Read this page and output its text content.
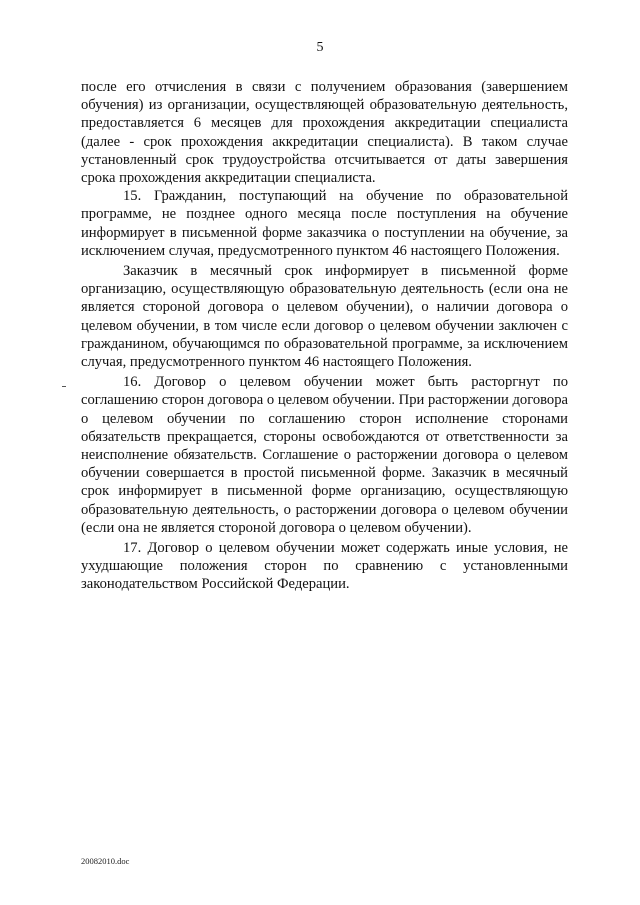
5

после его отчисления в связи с получением образования (завершением обучения) из организации, осуществляющей образовательную деятельность, предоставляется 6 месяцев для прохождения аккредитации специалиста (далее - срок прохождения аккредитации специалиста). В таком случае установленный срок трудоустройства отсчитывается от даты завершения срока прохождения аккредитации специалиста.

15. Гражданин, поступающий на обучение по образовательной программе, не позднее одного месяца после поступления на обучение информирует в письменной форме заказчика о поступлении на обучение, за исключением случая, предусмотренного пунктом 46 настоящего Положения.

Заказчик в месячный срок информирует в письменной форме организацию, осуществляющую образовательную деятельность (если она не является стороной договора о целевом обучении), о наличии договора о целевом обучении, в том числе если договор о целевом обучении заключен с гражданином, обучающимся по образовательной программе, за исключением случая, предусмотренного пунктом 46 настоящего Положения.

16. Договор о целевом обучении может быть расторгнут по соглашению сторон договора о целевом обучении. При расторжении договора о целевом обучении по соглашению сторон исполнение сторонами обязательств прекращается, стороны освобождаются от ответственности за неисполнение обязательств. Соглашение о расторжении договора о целевом обучении совершается в простой письменной форме. Заказчик в месячный срок информирует в письменной форме организацию, осуществляющую образовательную деятельность, о расторжении договора о целевом обучении (если она не является стороной договора о целевом обучении).

17. Договор о целевом обучении может содержать иные условия, не ухудшающие положения сторон по сравнению с установленными законодательством Российской Федерации.

20082010.doc
